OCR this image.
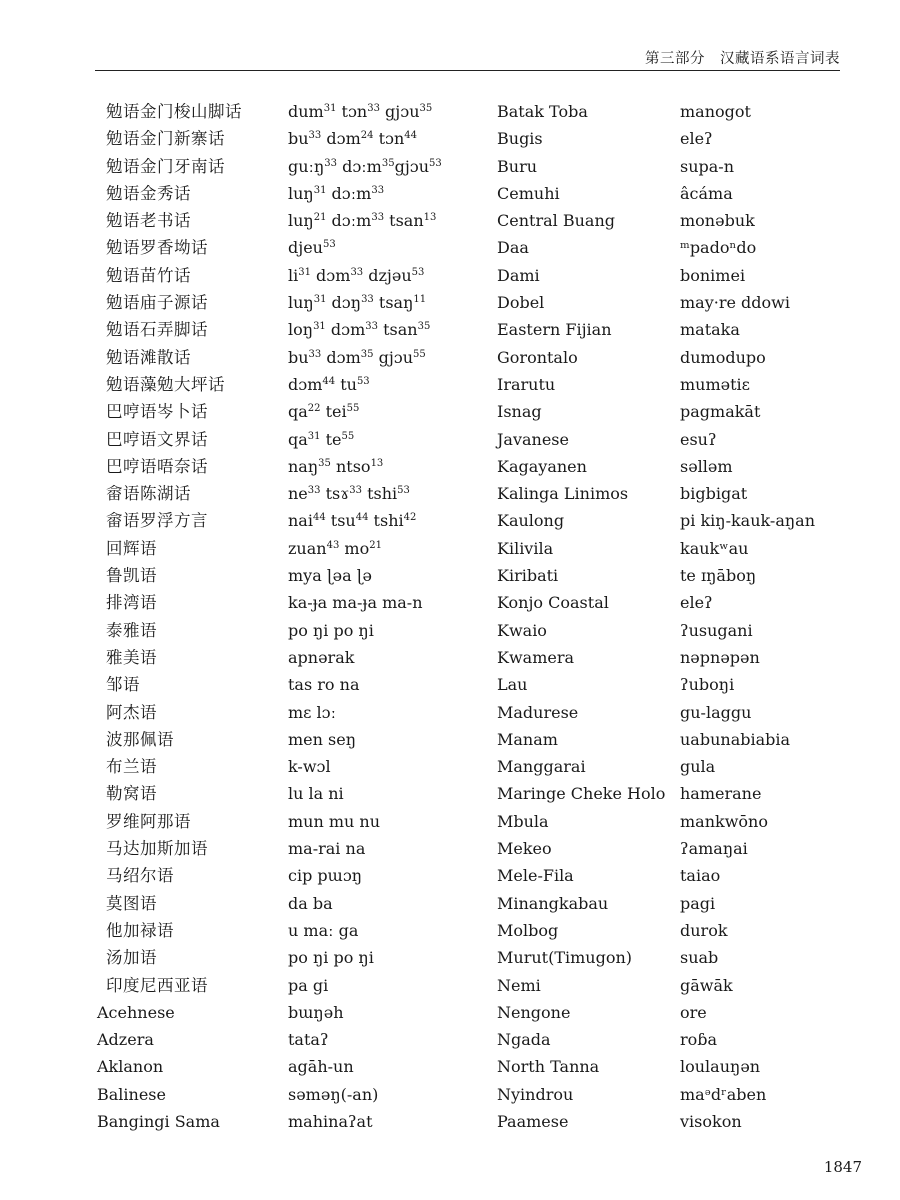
第三部分　汉藏语系语言词表
勉语金门梭山脚话
勉语金门新寨话
勉语金门牙南话
勉语金秀话
勉语老书话
勉语罗香坳话
勉语苗竹话
勉语庙子源话
勉语石弄脚话
勉语滩散话
勉语藻勉大坪话
巴哼语岑卜话
巴哼语文界话
巴哼语唔奈话
畲语陈湖话
畲语罗浮方言
回辉语
鲁凯语
排湾语
泰雅语
雅美语
邹语
阿杰语
波那佩语
布兰语
勒窝语
罗维阿那语
马达加斯加语
马绍尔语
莫图语
他加禄语
汤加语
印度尼西亚语
Acehnese
Adzera
Aklanon
Balinese
Bangingi Sama
dum$^{31}$ tɔn$^{33}$ gjɔu$^{35}$
$bu^{33}$ dɔm$^{24}$ tɔn$^{44}$
guːŋ$^{33}$ dɔːm$^{35}$gjɔu$^{53}$
luŋ$^{31}$ dɔːm$^{33}$
luŋ$^{21}$ dɔːm$^{33}$ tsan$^{13}$
djeu$^{53}$
$li^{31}$ dɔm$^{33}$ dzjəu$^{53}$
luŋ$^{31}$ dɔŋ$^{33}$ tsaŋ$^{11}$
loŋ$^{31}$ dɔm$^{33}$ tsan$^{35}$
$bu^{33}$ dɔm$^{35}$ gjɔu$^{55}$
dɔm$^{44}$ $tu^{53}$
$qa^{22}$ tei$^{55}$
$qa^{31}$ $te^{55}$
naŋ$^{35}$ ntso$^{13}$
$ne^{33}$ tsɤ$^{33}$ tshi$^{53}$
nai$^{44}$ tsu$^{44}$ tshi$^{42}$
zuan$^{43}$ $mo^{21}$
mya ɭəa ɭə
ka-ɟa ma-ɟa ma-n
po ŋi po ŋi
apnərak
tas ro na
mɛ lɔː
men seŋ
k-wɔl
lu la ni
mun mu nu
ma-rai na
cip pɯɔŋ
da ba
u maː ga
po ŋi po ŋi
pa gi
bɯŋəh
tataʔ
agāh-un
səməŋ(-an)
mahinaʔat
Batak Toba
Bugis
Buru
Cemuhi
Central Buang
Daa
Dami
Dobel
Eastern Fijian
Gorontalo
Irarutu
Isnag
Javanese
Kagayanen
Kalinga Linimos
Kaulong
Kilivila
Kiribati
Konjo Coastal
Kwaio
Kwamera
Lau
Madurese
Manam
Manggarai
Maringe Cheke Holo
Mbula
Mekeo
Mele-Fila
Minangkabau
Molbog
Murut(Timugon)
Nemi
Nengone
Ngada
North Tanna
Nyindrou
Paamese
manogot
eleʔ
supa-n
âcáma
monəbuk
ᵐpadoⁿdo
bonimei
may·re ddowi
mataka
dumodupo
mumətiɛ
pagmakāt
esuʔ
səlləm
bigbigat
pi kiŋ-kauk-aŋan
kaukʷau
te ɪŋāboŋ
eleʔ
ʔusugani
nəpnəpən
ʔuboŋi
gu-laggu
uabunabiabia
gula
hamerane
mankwōno
ʔamaŋai
taiao
pagi
durok
suab
gāwāk
ore
roɓa
loulauŋən
maᵊdʳaben
visokon
1847
